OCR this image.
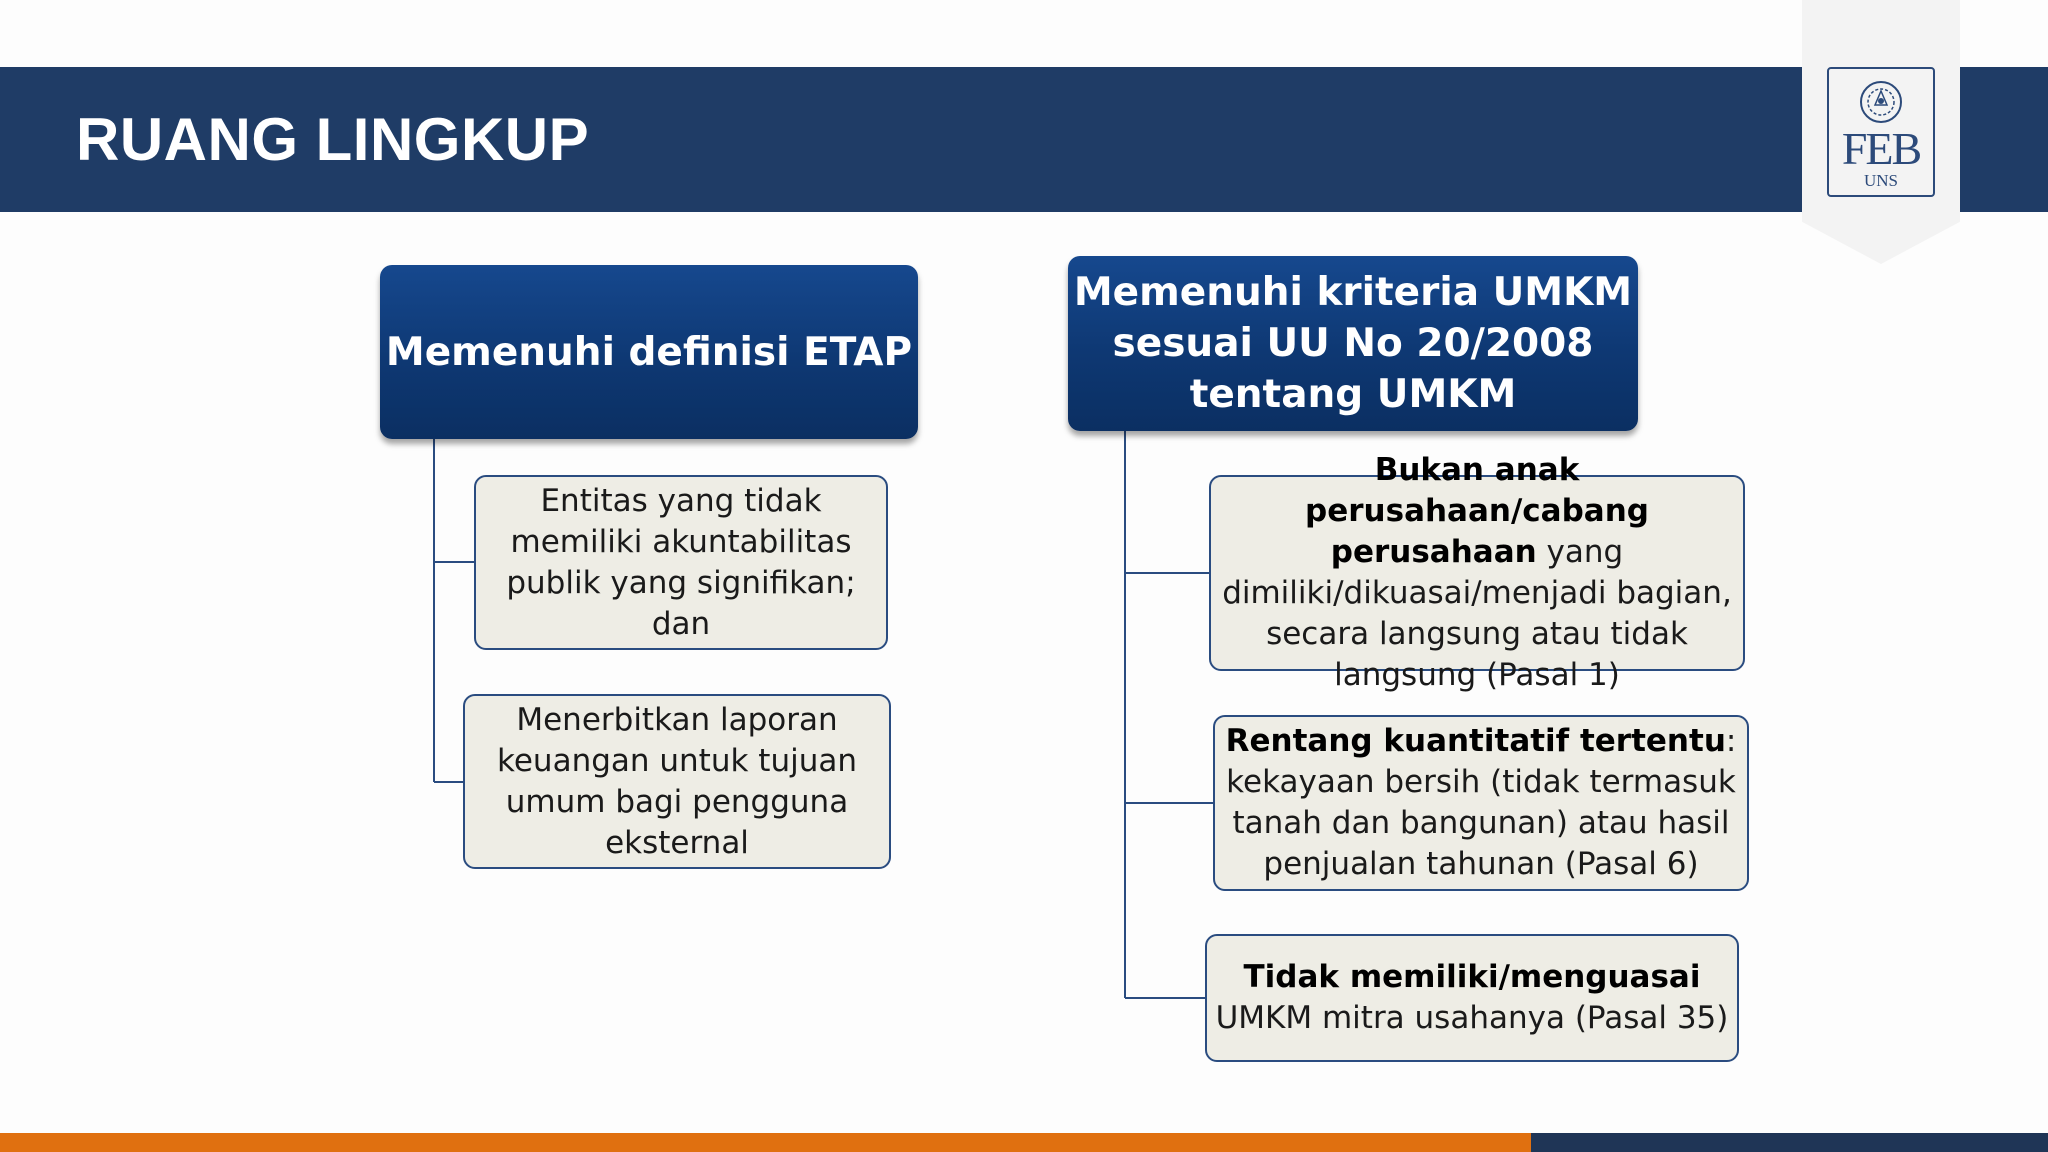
RUANG LINGKUP	FEB
UNS
Memenuhi definisi ETAP
Memenuhi kriteria UMKM sesuai UU No 20/2008 tentang UMKM
Entitas yang tidak memiliki akuntabilitas publik yang signifikan; dan
Menerbitkan laporan keuangan untuk tujuan umum bagi pengguna eksternal
Bukan anak perusahaan/cabang perusahaan yang dimiliki/dikuasai/menjadi bagian, secara langsung atau tidak langsung (Pasal 1)
Rentang kuantitatif tertentu: kekayaan bersih (tidak termasuk tanah dan bangunan) atau hasil penjualan tahunan (Pasal 6)
Tidak memiliki/menguasai UMKM mitra usahanya (Pasal 35)
